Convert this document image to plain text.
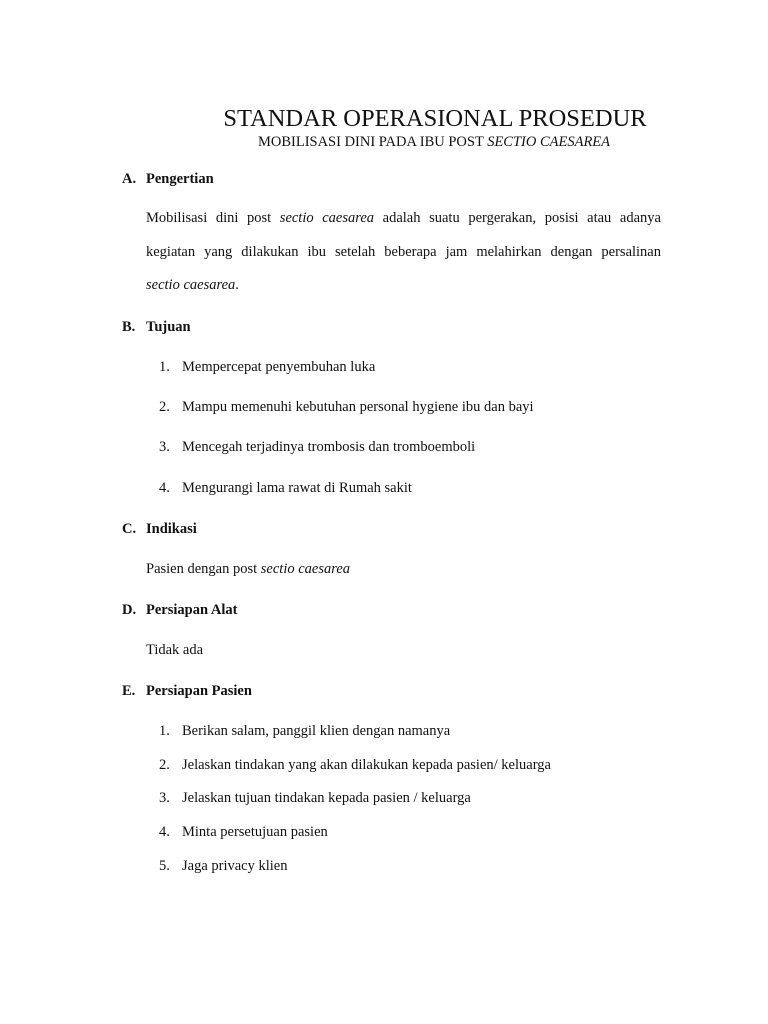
STANDAR OPERASIONAL PROSEDUR
MOBILISASI DINI PADA IBU POST SECTIO CAESAREA
A. Pengertian
Mobilisasi dini post sectio caesarea adalah suatu pergerakan, posisi atau adanya
kegiatan yang dilakukan ibu setelah beberapa jam melahirkan dengan persalinan
sectio caesarea.
B. Tujuan
1. Mempercepat penyembuhan luka
2. Mampu memenuhi kebutuhan personal hygiene ibu dan bayi
3. Mencegah terjadinya trombosis dan tromboemboli
4. Mengurangi lama rawat di Rumah sakit
C. Indikasi
Pasien dengan post sectio caesarea
D. Persiapan Alat
Tidak ada
E. Persiapan Pasien
1. Berikan salam, panggil klien dengan namanya
2. Jelaskan tindakan yang akan dilakukan kepada pasien/ keluarga
3. Jelaskan tujuan tindakan kepada pasien / keluarga
4. Minta persetujuan pasien
5. Jaga privacy klien
